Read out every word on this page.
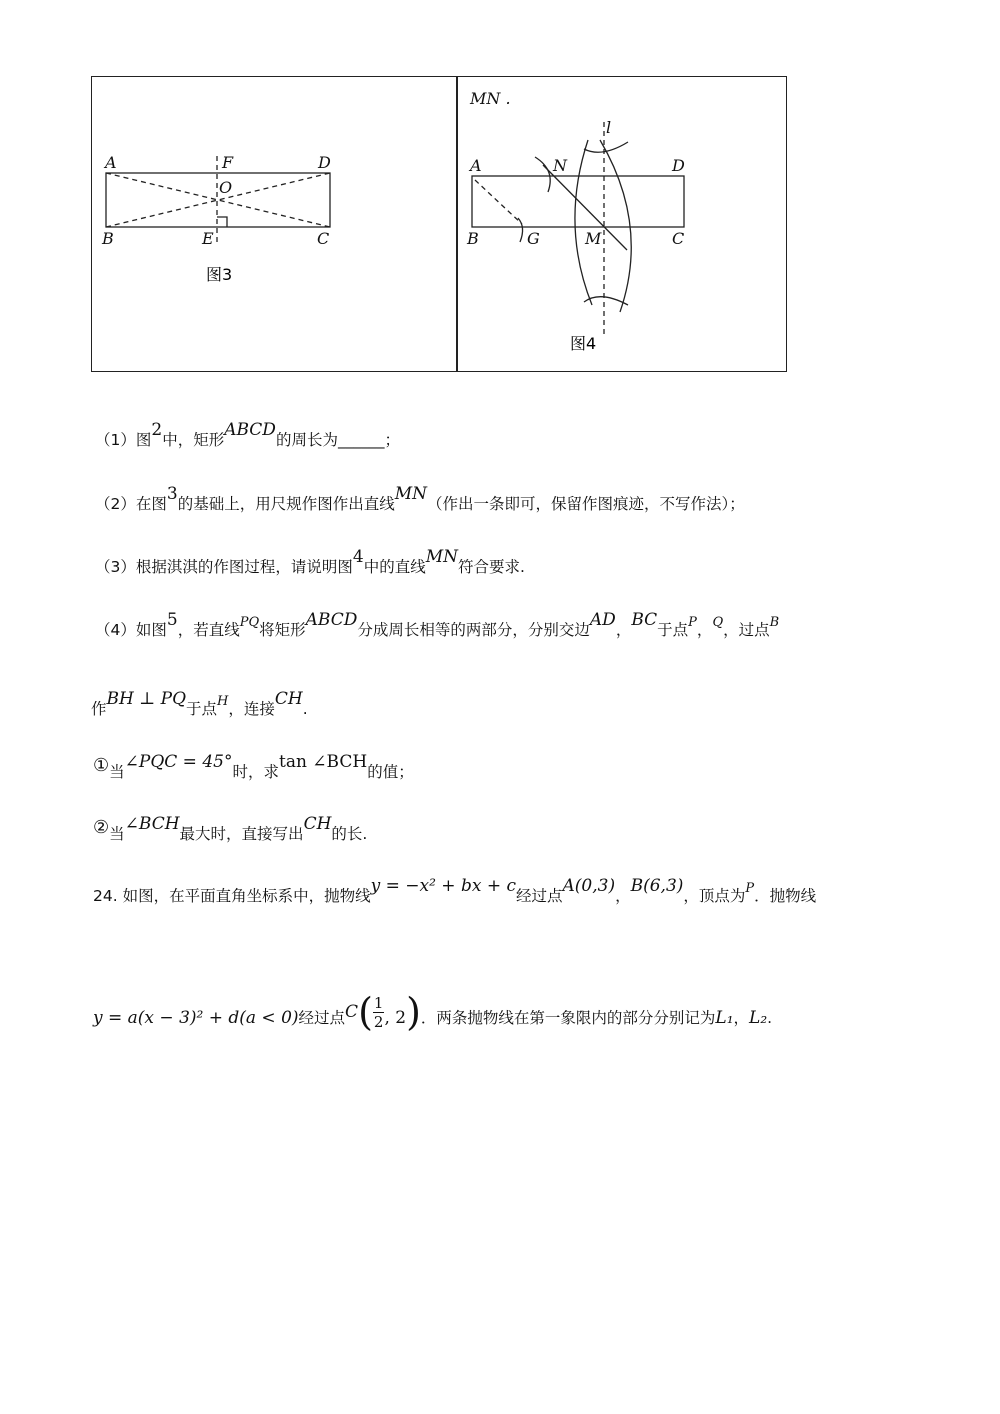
A	F	D
O
B	E	C
图3
MN .
A	N
l
D
B	G	M	C
图4
（1）图2中，矩形ABCD的周长为______；
（2）在图3的基础上，用尺规作图作出直线MN（作出一条即可，保留作图痕迹，不写作法）；
（3）根据淇淇的作图过程，请说明图4中的直线MN符合要求.
（4）如图5，若直线$^{PQ}$将矩形ABCD分成周长相等的两部分，分别交边AD，BC于点$^P$，$^Q$，过点$^B$
作BH ⊥ PQ于点$^H$，连接CH.
①当∠PQC = 45°时，求tan ∠BCH的值；
②当∠BCH最大时，直接写出CH的长.
24. 如图，在平面直角坐标系中，抛物线y = −x² + bx + c经过点A(0,3)，B(6,3)，顶点为$^P$．抛物线
y = a(x − 3)² + d(a < 0)经过点$C( \frac{1}{2}$ , 2)．两条抛物线在第一象限内的部分分别记为L₁，L₂.
